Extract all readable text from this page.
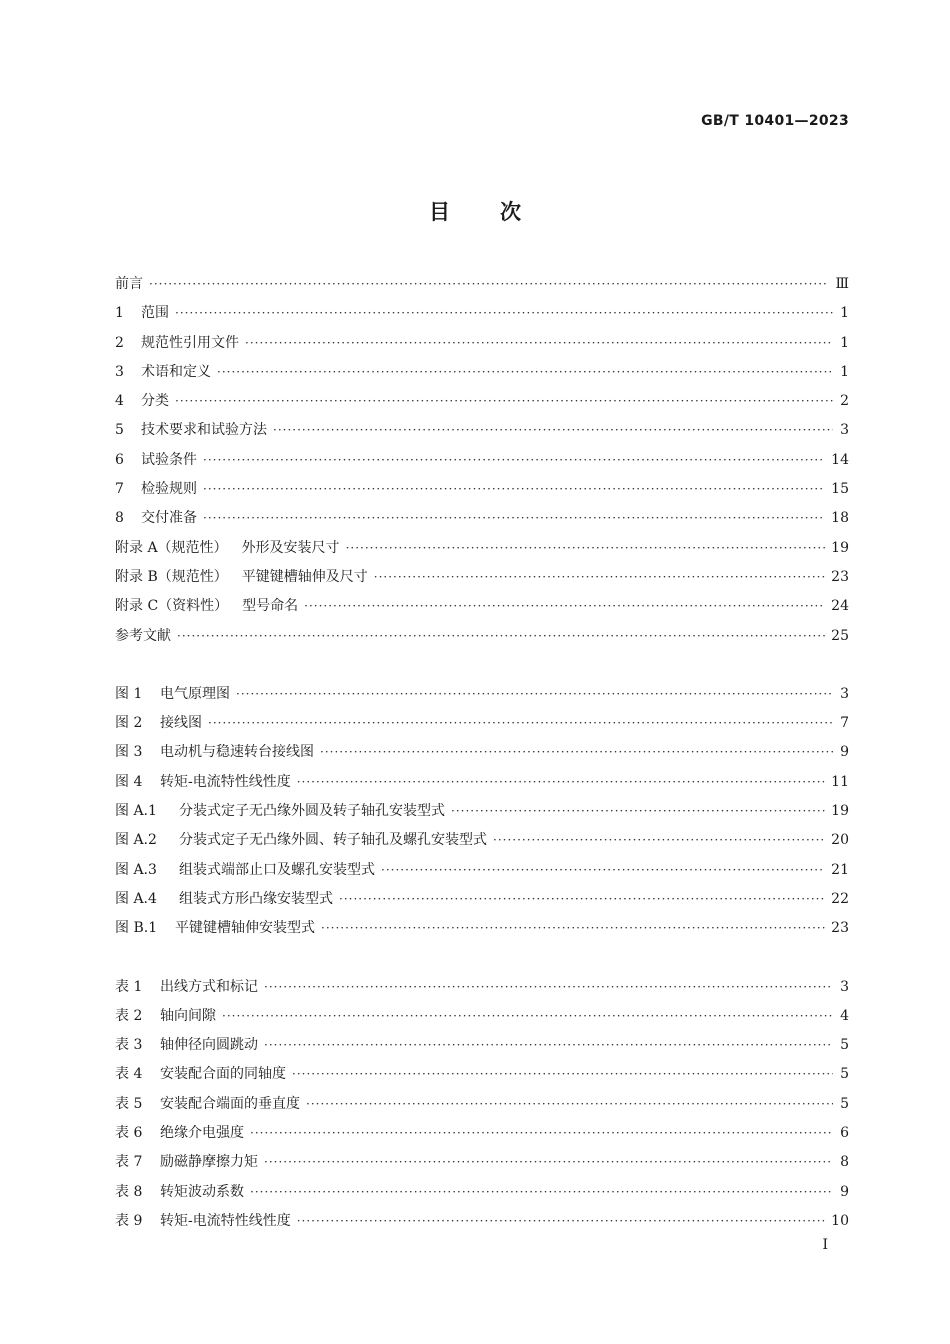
GB/T 10401—2023
目次
前言 ·····	Ⅲ
1 范围 ·····	1
2 规范性引用文件 ·····	1
3 术语和定义 ·····	1
4 分类 ·····	2
5 技术要求和试验方法 ·····	3
6 试验条件 ·····	14
7 检验规则 ·····	15
8 交付准备 ·····	18
附录 A（规范性） 外形及安装尺寸 ·····	19
附录 B（规范性） 平键键槽轴伸及尺寸 ·····	23
附录 C（资料性） 型号命名 ·····	24
参考文献 ·····	25
图 1 电气原理图 ·····	3
图 2 接线图 ·····	7
图 3 电动机与稳速转台接线图 ·····	9
图 4 转矩-电流特性线性度 ·····	11
图 A.1 分装式定子无凸缘外圆及转子轴孔安装型式 ·····	19
图 A.2 分装式定子无凸缘外圆、转子轴孔及螺孔安装型式 ·····	20
图 A.3 组装式端部止口及螺孔安装型式 ·····	21
图 A.4 组装式方形凸缘安装型式 ·····	22
图 B.1 平键键槽轴伸安装型式 ·····	23
表 1 出线方式和标记 ·····	3
表 2 轴向间隙 ·····	4
表 3 轴伸径向圆跳动 ·····	5
表 4 安装配合面的同轴度 ·····	5
表 5 安装配合端面的垂直度 ·····	5
表 6 绝缘介电强度 ·····	6
表 7 励磁静摩擦力矩 ·····	8
表 8 转矩波动系数 ·····	9
表 9 转矩-电流特性线性度 ·····	10
I
